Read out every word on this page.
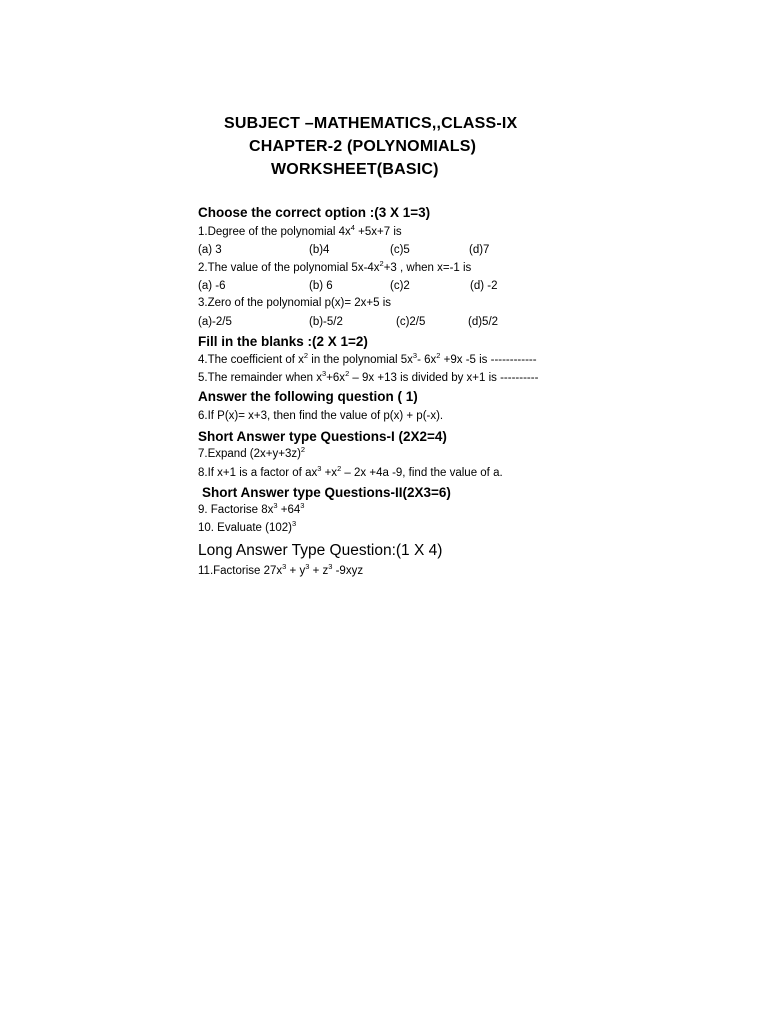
SUBJECT –MATHEMATICS,,CLASS-IX
CHAPTER-2 (POLYNOMIALS)
WORKSHEET(BASIC)
Choose the correct option :(3 X 1=3)
1.Degree of the polynomial $4x^4 +5x+7$ is
(a) 3	(b)4	(c)5	(d)7
2.The value of the polynomial $5x-4x^2+3$ , when x=-1 is
(a) -6	(b) 6	(c)2	(d) -2
3.Zero of the polynomial p(x)= 2x+5 is
(a)-2/5	(b)-5/2	(c)2/5	(d)5/2
Fill in the blanks :(2 X 1=2)
4.The coefficient of $x^2$ in the polynomial $5x^3-$ $6x^2 +9x$ -5 is ------------
5.The remainder when $x^3+6x^2 - 9x +13$ is divided by x+1 is ----------
Answer the following question ( 1)
6.If P(x)= x+3, then find the value of p(x) + p(-x).
Short Answer type Questions-I (2X2=4)
7.Expand $(2x+y+3z)^2$
8.If x+1 is a factor of $ax^3 +x^2 - 2x +4a$ -9, find the value of a.
Short Answer type Questions-II(2X3=6)
9. Factorise $8x^3 +64^3$
10. Evaluate $(102)^3$
Long Answer Type Question:(1 X 4)
11.Factorise $27x^3 + y^3 + z^3$ -9xyz
